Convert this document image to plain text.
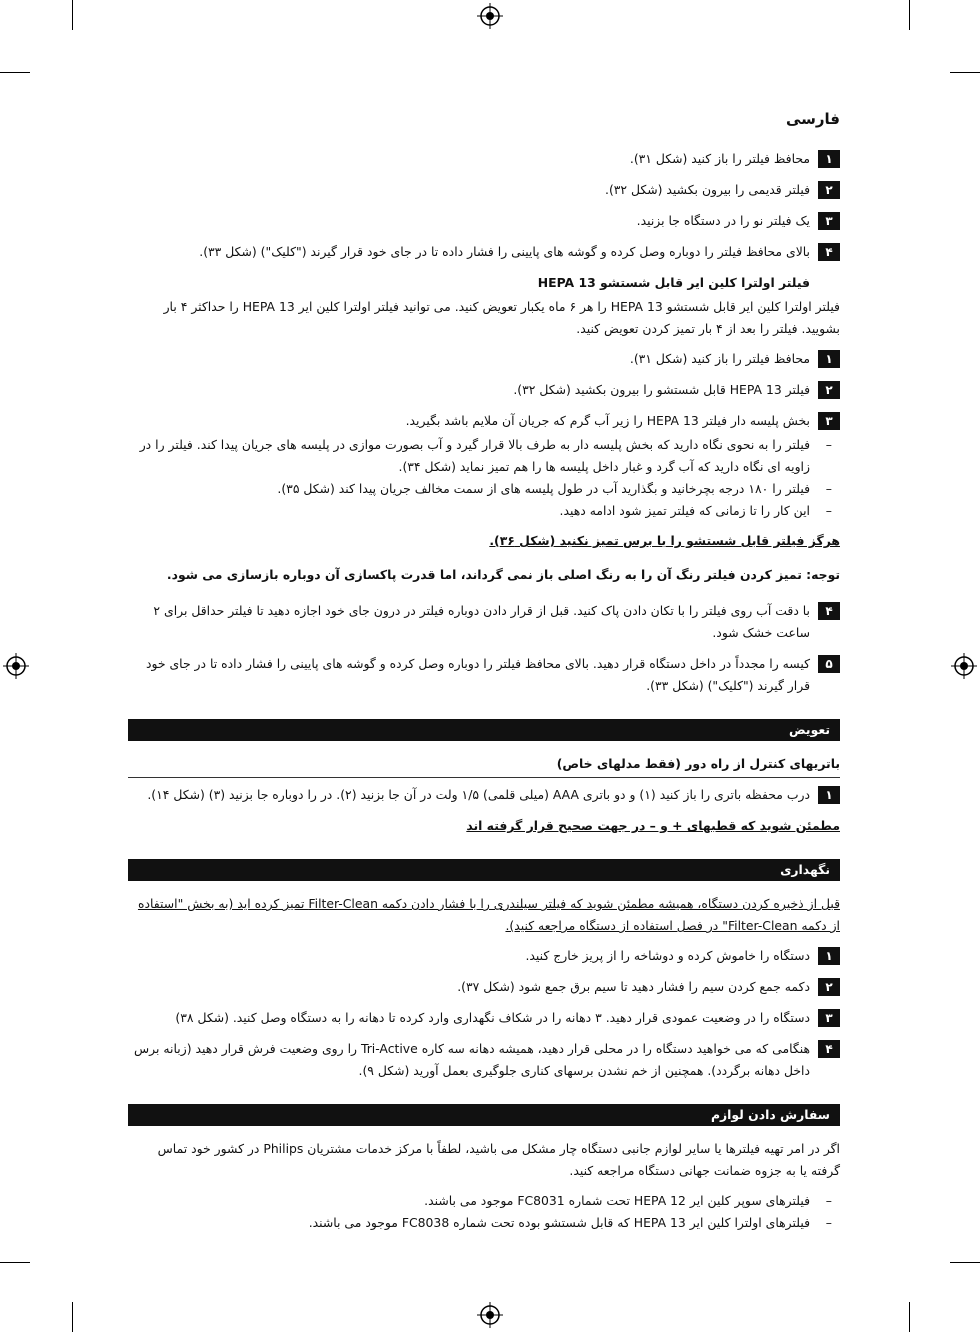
فارسی
۱
محافظ فیلتر را باز کنید (شکل ۳۱).
۲
فیلتر قدیمی را بیرون بکشید (شکل ۳۲).
۳
یک فیلتر نو را در دستگاه جا بزنید.
۴
بالای محافظ فیلتر را دوباره وصل کرده و گوشه های پایینی را فشار داده تا در جای خود قرار گیرند ("کلیک") (شکل ۳۳).
فیلتر اولترا کلین ایر قابل شستشو HEPA 13
فیلتر اولترا کلین ایر قابل شستشو HEPA 13 را هر ۶ ماه یکبار تعویض کنید. می توانید فیلتر اولترا کلین ایر HEPA 13 را حداکثر ۴ بار بشویید. فیلتر را بعد از ۴ بار تمیز کردن تعویض کنید.
۱
محافظ فیلتر را باز کنید (شکل ۳۱).
۲
فیلتر HEPA 13 قابل شستشو را بیرون بکشید (شکل ۳۲).
۳
بخش پلیسه دار فیلتر HEPA 13 را زیر آب گرم که جریان آن ملایم باشد بگیرید.
–
فیلتر را به نحوی نگاه دارید که بخش پلیسه دار به طرف بالا قرار گیرد و آب بصورت موازی در پلیسه های جریان پیدا کند. فیلتر را در زاویه ای نگاه دارید که آب گرد و غبار داخل پلیسه ها را هم تمیز نماید (شکل ۳۴).
–
فیلتر را ۱۸۰ درجه بچرخانید و بگذارید آب در طول پلیسه های از سمت مخالف جریان پیدا کند (شکل ۳۵).
–
این کار را تا زمانی که فیلتر تمیز شود ادامه دهید.
هرگز فیلتر قابل شستشو را با برس تمیز نکنید (شکل ۳۶).
توجه: تمیز کردن فیلتر رنگ آن را به رنگ اصلی باز نمی گرداند، اما قدرت پاکسازی آن دوباره بازسازی می شود.
۴
با دقت آب روی فیلتر را با تکان دادن پاک کنید. قبل از قرار دادن دوباره فیلتر در درون جای خود اجازه دهید تا فیلتر حداقل برای ۲ ساعت خشک شود.
۵
کیسه را مجدداً در داخل دستگاه قرار دهید. بالای محافظ فیلتر را دوباره وصل کرده و گوشه های پایینی را فشار داده تا در جای خود قرار گیرند ("کلیک") (شکل ۳۳).
تعویض
باتریهای کنترل از راه دور (فقط مدلهای خاص)
۱
درب محفظه باتری را باز کنید (۱) و دو باتری AAA (میلی قلمی) ۱/۵ ولت در آن جا بزنید (۲). در را دوباره جا بزنید (۳) (شکل ۱۴).
مطمئن شوید که قطبهای + و – در جهت صحیح قرار گرفته اند
نگهداری
قبل از ذخیره کردن دستگاه، همیشه مطمئن شوید که فیلتر سیلندری را با فشار دادن دکمه Filter-Clean تمیز کرده اید (به بخش "استفاده از دکمه Filter-Clean" در فصل استفاده از دستگاه مراجعه کنید).
۱
دستگاه را خاموش کرده و دوشاخه را از پریز خارج کنید.
۲
دکمه جمع کردن سیم را فشار دهید تا سیم برق جمع شود (شکل ۳۷).
۳
دستگاه را در وضعیت عمودی قرار دهید. ۳ دهانه را در شکاف نگهداری وارد کرده تا دهانه را به دستگاه وصل کنید. (شکل ۳۸)
۴
هنگامی که می خواهید دستگاه را در محلی قرار دهید، همیشه دهانه سه کاره Tri-Active را روی وضعیت فرش قرار دهید (زبانه برس داخل دهانه برگردد). همچنین از خم نشدن برسهای کناری جلوگیری بعمل آورید (شکل ۹).
سفارش دادن لوازم
اگر در امر تهیه فیلترها یا سایر لوازم جانبی دستگاه چار مشکل می باشید، لطفاً با مرکز خدمات مشتریان Philips در کشور خود تماس گرفته یا به جزوه ضمانت جهانی دستگاه مراجعه کنید.
–
فیلترهای سوپر کلین ایر HEPA 12 تحت شماره FC8031 موجود می باشند.
–
فیلترهای اولترا کلین ایر HEPA 13 که قابل شستشو بوده تحت شماره FC8038 موجود می باشند.
